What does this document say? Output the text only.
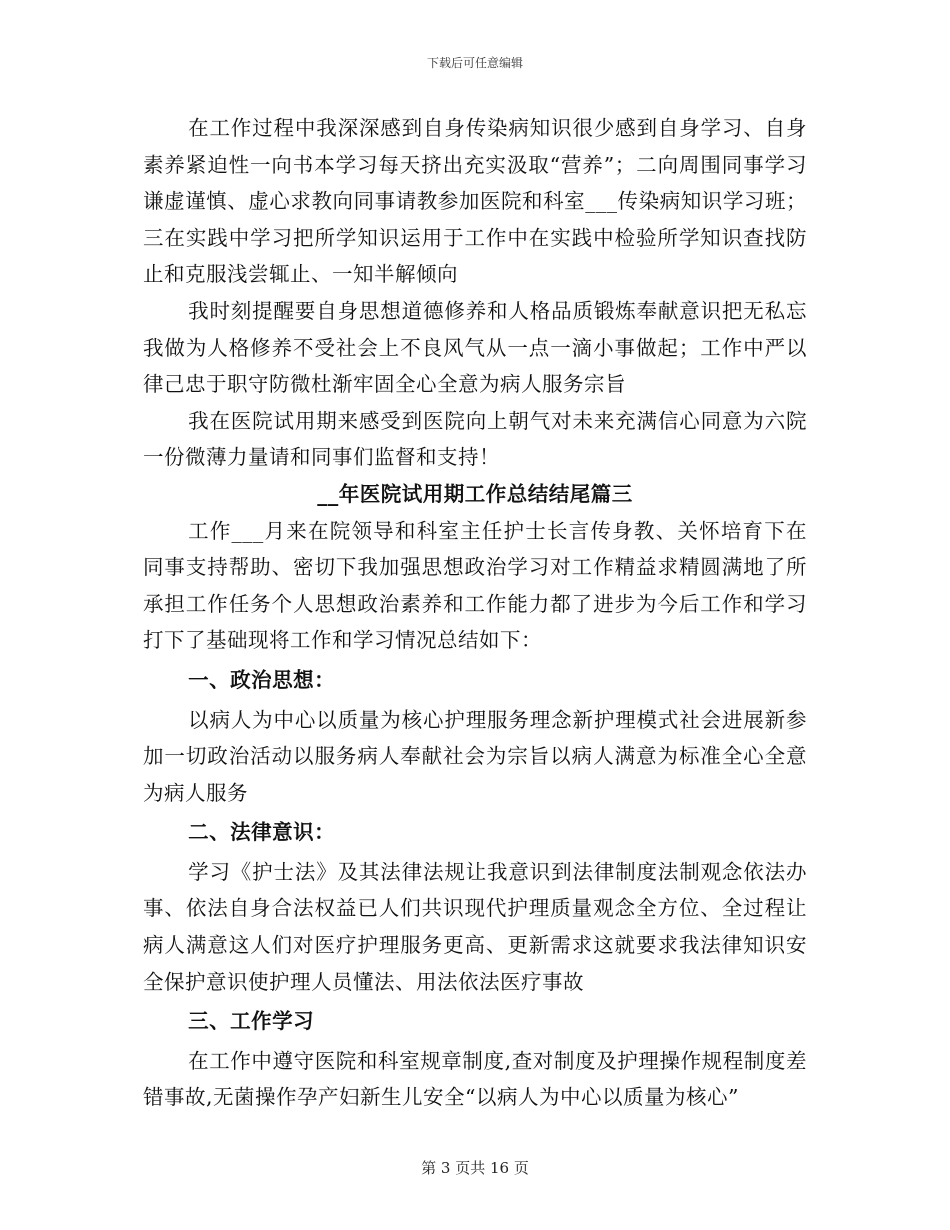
下载后可任意编辑

在工作过程中我深深感到自身传染病知识很少感到自身学习、自身素养紧迫性一向书本学习每天挤出充实汲取“营养”；二向周围同事学习谦虚谨慎、虚心求教向同事请教参加医院和科室___传染病知识学习班；三在实践中学习把所学知识运用于工作中在实践中检验所学知识查找防止和克服浅尝辄止、一知半解倾向

我时刻提醒要自身思想道德修养和人格品质锻炼奉献意识把无私忘我做为人格修养不受社会上不良风气从一点一滴小事做起；工作中严以律己忠于职守防微杜渐牢固全心全意为病人服务宗旨

我在医院试用期来感受到医院向上朝气对未来充满信心同意为六院一份微薄力量请和同事们监督和支持！

__年医院试用期工作总结结尾篇三

工作___月来在院领导和科室主任护士长言传身教、关怀培育下在同事支持帮助、密切下我加强思想政治学习对工作精益求精圆满地了所承担工作任务个人思想政治素养和工作能力都了进步为今后工作和学习打下了基础现将工作和学习情况总结如下：

一、政治思想：

以病人为中心以质量为核心护理服务理念新护理模式社会进展新参加一切政治活动以服务病人奉献社会为宗旨以病人满意为标准全心全意为病人服务

二、法律意识：

学习《护士法》及其法律法规让我意识到法律制度法制观念依法办事、依法自身合法权益已人们共识现代护理质量观念全方位、全过程让病人满意这人们对医疗护理服务更高、更新需求这就要求我法律知识安全保护意识使护理人员懂法、用法依法医疗事故

三、工作学习

在工作中遵守医院和科室规章制度,查对制度及护理操作规程制度差错事故,无菌操作孕产妇新生儿安全“以病人为中心以质量为核心”

第 3 页共 16 页
